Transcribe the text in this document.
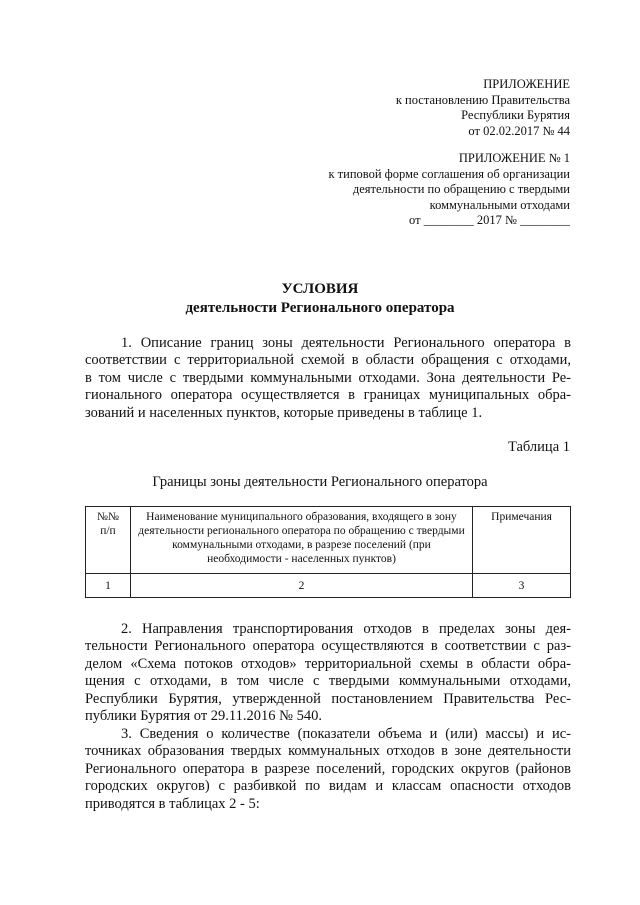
ПРИЛОЖЕНИЕ
к постановлению Правительства
Республики Бурятия
от 02.02.2017 № 44
ПРИЛОЖЕНИЕ № 1
к типовой форме соглашения об организации
деятельности по обращению с твердыми
коммунальными отходами
от ________ 2017 № ________
УСЛОВИЯ
деятельности Регионального оператора
1. Описание границ зоны деятельности Регионального оператора в
соответствии с территориальной схемой в области обращения с отходами,
в том числе с твердыми коммунальными отходами. Зона деятельности Ре-
гионального оператора осуществляется в границах муниципальных обра-
зований и населенных пунктов, которые приведены в таблице 1.
Таблица 1
Границы зоны деятельности Регионального оператора
№№
п/п	Наименование муниципального образования, входящего в зону деятельности регионального оператора по обращению с твердыми коммунальными отходами, в разрезе поселений (при необходимости - населенных пунктов)	Примечания
1	2	3
2. Направления транспортирования отходов в пределах зоны дея-
тельности Регионального оператора осуществляются в соответствии с раз-
делом «Схема потоков отходов» территориальной схемы в области обра-
щения с отходами, в том числе с твердыми коммунальными отходами,
Республики Бурятия, утвержденной постановлением Правительства Рес-
публики Бурятия от 29.11.2016 № 540.
3. Сведения о количестве (показатели объема и (или) массы) и ис-
точниках образования твердых коммунальных отходов в зоне деятельности
Регионального оператора в разрезе поселений, городских округов (районов
городских округов) с разбивкой по видам и классам опасности отходов
приводятся в таблицах 2 - 5:
